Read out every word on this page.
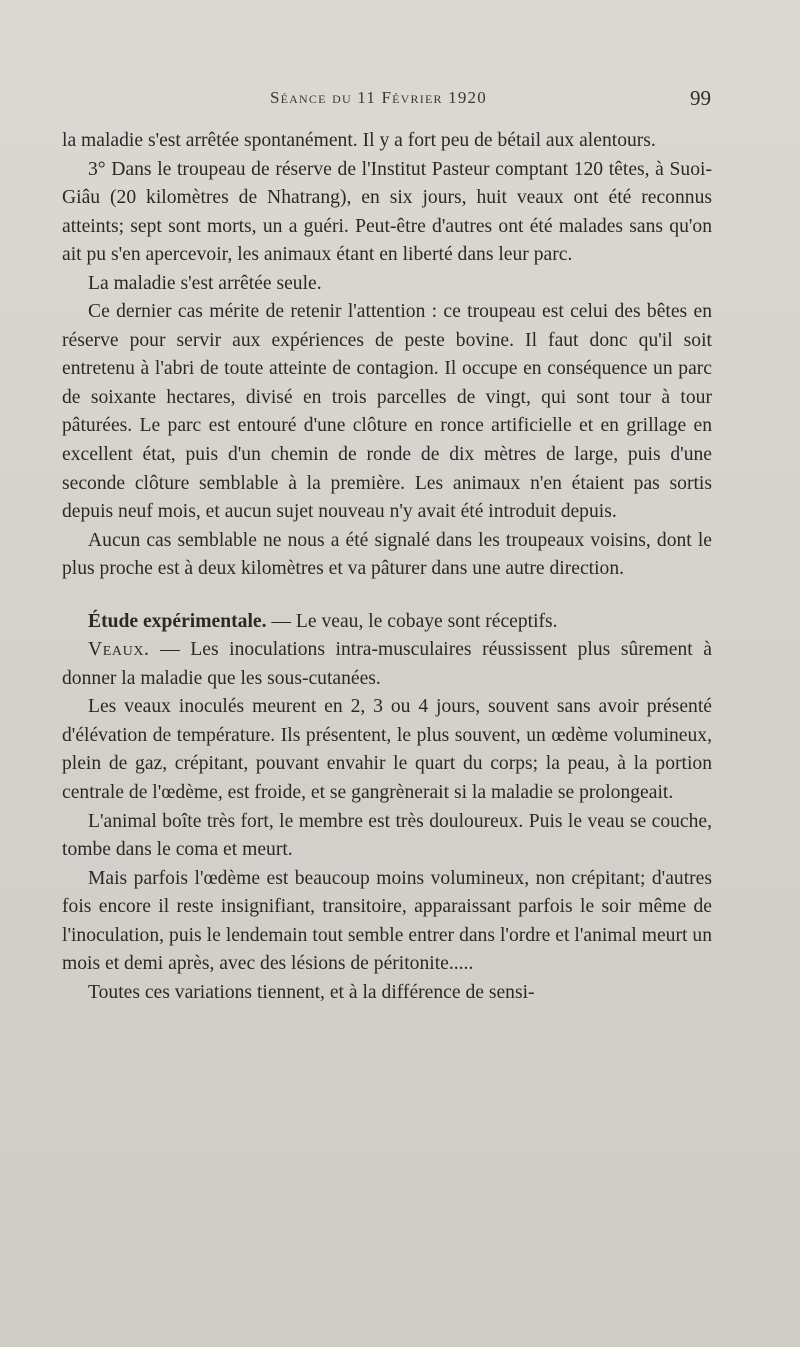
Séance du 11 Février 1920	99

la maladie s'est arrêtée spontanément. Il y a fort peu de bétail aux alentours.

3° Dans le troupeau de réserve de l'Institut Pasteur comptant 120 têtes, à Suoi-Giâu (20 kilomètres de Nhatrang), en six jours, huit veaux ont été reconnus atteints; sept sont morts, un a guéri. Peut-être d'autres ont été malades sans qu'on ait pu s'en apercevoir, les animaux étant en liberté dans leur parc.

La maladie s'est arrêtée seule.

Ce dernier cas mérite de retenir l'attention : ce troupeau est celui des bêtes en réserve pour servir aux expériences de peste bovine. Il faut donc qu'il soit entretenu à l'abri de toute atteinte de contagion. Il occupe en conséquence un parc de soixante hectares, divisé en trois parcelles de vingt, qui sont tour à tour pâturées. Le parc est entouré d'une clôture en ronce artificielle et en grillage en excellent état, puis d'un chemin de ronde de dix mètres de large, puis d'une seconde clôture semblable à la première. Les animaux n'en étaient pas sortis depuis neuf mois, et aucun sujet nouveau n'y avait été introduit depuis.

Aucun cas semblable ne nous a été signalé dans les troupeaux voisins, dont le plus proche est à deux kilomètres et va pâturer dans une autre direction.

Étude expérimentale. — Le veau, le cobaye sont réceptifs.

Veaux. — Les inoculations intra-musculaires réussissent plus sûrement à donner la maladie que les sous-cutanées.

Les veaux inoculés meurent en 2, 3 ou 4 jours, souvent sans avoir présenté d'élévation de température. Ils présentent, le plus souvent, un œdème volumineux, plein de gaz, crépitant, pouvant envahir le quart du corps; la peau, à la portion centrale de l'œdème, est froide, et se gangrènerait si la maladie se prolongeait.

L'animal boîte très fort, le membre est très douloureux. Puis le veau se couche, tombe dans le coma et meurt.

Mais parfois l'œdème est beaucoup moins volumineux, non crépitant; d'autres fois encore il reste insignifiant, transitoire, apparaissant parfois le soir même de l'inoculation, puis le lendemain tout semble entrer dans l'ordre et l'animal meurt un mois et demi après, avec des lésions de péritonite.....

Toutes ces variations tiennent, et à la différence de sensi-
